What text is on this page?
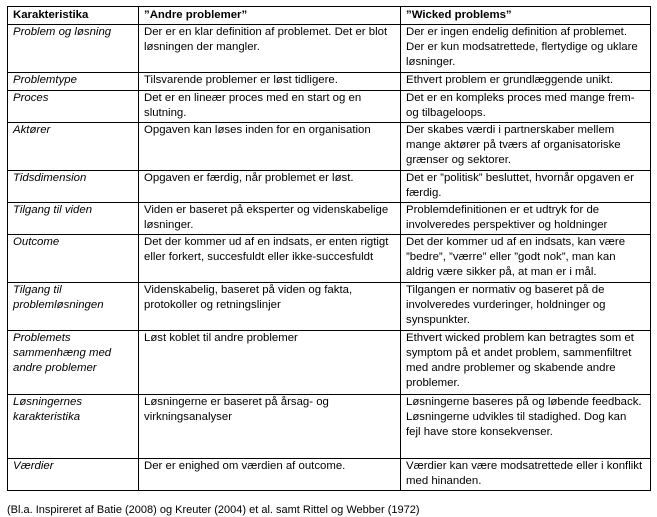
Karakteristika	”Andre problemer”	”Wicked problems”
Problem og løsning	Der er en klar definition af problemet. Det er blot løsningen der mangler.	Der er ingen endelig definition af problemet. Der er kun modsatrettede, flertydige og uklare løsninger.
Problemtype	Tilsvarende problemer er løst tidligere.	Ethvert problem er grundlæggende unikt.
Proces	Det er en lineær proces med en start og en slutning.	Det er en kompleks proces med mange frem- og tilbageloops.
Aktører	Opgaven kan løses inden for en organisation	Der skabes værdi i partnerskaber mellem mange aktører på tværs af organisatoriske grænser og sektorer.
Tidsdimension	Opgaven er færdig, når problemet er løst.	Det er ”politisk” besluttet, hvornår opgaven er færdig.
Tilgang til viden	Viden er baseret på eksperter og videnskabelige løsninger.	Problemdefinitionen er et udtryk for de involveredes perspektiver og holdninger
Outcome	Det der kommer ud af en indsats, er enten rigtigt eller forkert, succesfuldt eller ikke-succesfuldt	Det der kommer ud af en indsats, kan være ”bedre”, ”værre” eller ”godt nok”, man kan aldrig være sikker på, at man er i mål.
Tilgang til problemløsningen	Videnskabelig, baseret på viden og fakta, protokoller og retningslinjer	Tilgangen er normativ og baseret på de involveredes vurderinger, holdninger og synspunkter.
Problemets sammenhæng med andre problemer	Løst koblet til andre problemer	Ethvert wicked problem kan betragtes som et symptom på et andet problem, sammenfiltret med andre problemer og skabende andre problemer.
Løsningernes karakteristika	Løsningerne er baseret på årsag- og virkningsanalyser	Løsningerne baseres på og løbende feedback. Løsningerne udvikles til stadighed. Dog kan fejl have store konsekvenser.
Værdier	Der er enighed om værdien af outcome.	Værdier kan være modsatrettede eller i konflikt med hinanden.
(Bl.a. Inspireret af Batie (2008) og Kreuter (2004) et al. samt Rittel og Webber (1972)
